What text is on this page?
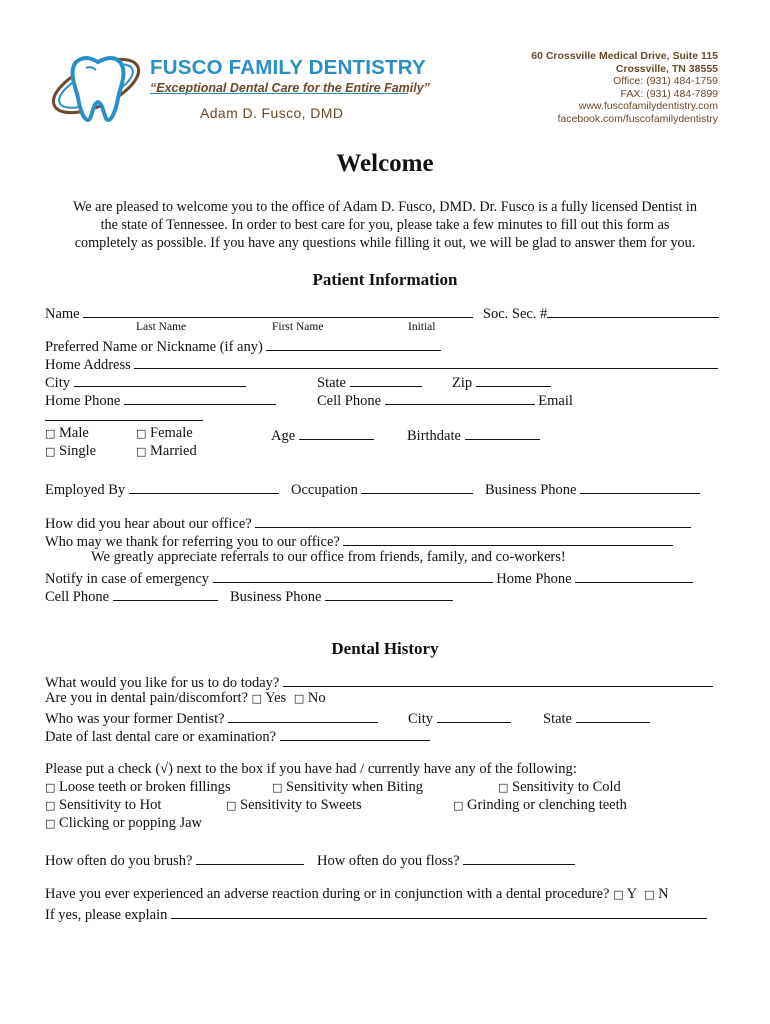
FUSCO FAMILY DENTISTRY
“Exceptional Dental Care for the Entire Family”
Adam D. Fusco, DMD
60 Crossville Medical Drive, Suite 115
Crossville, TN 38555
Office: (931) 484-1759
FAX: (931) 484-7899
www.fuscofamilydentistry.com
facebook.com/fuscofamilydentistry
Welcome
We are pleased to welcome you to the office of Adam D. Fusco, DMD. Dr. Fusco is a fully licensed Dentist in
the state of Tennessee. In order to best care for you, please take a few minutes to fill out this form as
completely as possible. If you have any questions while filling it out, we will be glad to answer them for you.
Patient Information
Name	Soc. Sec. #
Last Name	First Name	Initial
Preferred Name or Nickname (if any)
Home Address
City	State	Zip
Home Phone	Cell Phone	Email
□ Male	□ Female	Age	Birthdate
□ Single	□ Married
Employed By	Occupation	Business Phone
How did you hear about our office?
Who may we thank for referring you to our office?
We greatly appreciate referrals to our office from friends, family, and co-workers!
Notify in case of emergency	Home Phone
Cell Phone	Business Phone
Dental History
What would you like for us to do today?
Are you in dental pain/discomfort? □ Yes □ No
Who was your former Dentist?	City	State
Date of last dental care or examination?
Please put a check (√) next to the box if you have had / currently have any of the following:
□ Loose teeth or broken fillings	□ Sensitivity when Biting	□ Sensitivity to Cold
□ Sensitivity to Hot	□ Sensitivity to Sweets	□ Grinding or clenching teeth
□ Clicking or popping Jaw
How often do you brush?	How often do you floss?
Have you ever experienced an adverse reaction during or in conjunction with a dental procedure? □ Y □ N
If yes, please explain
